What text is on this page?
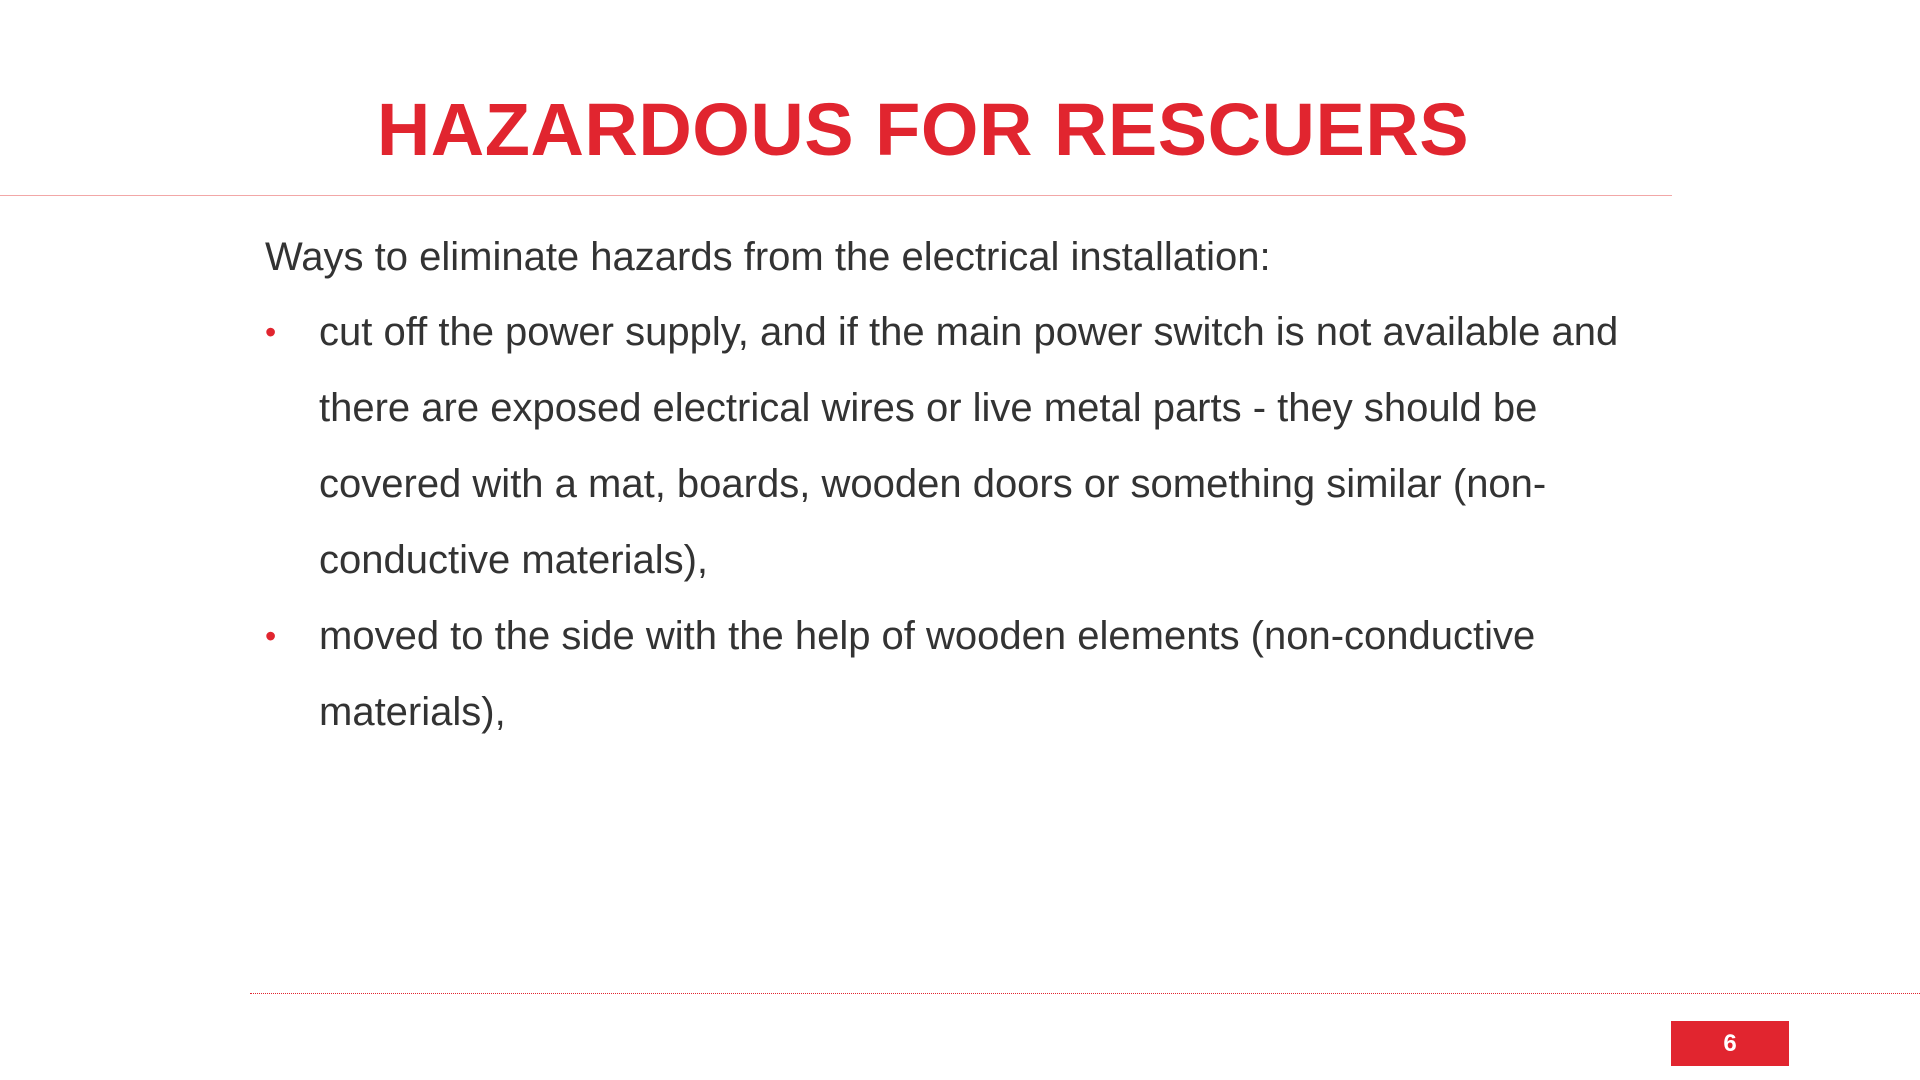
HAZARDOUS FOR RESCUERS

Ways to eliminate hazards from the electrical installation:

• cut off the power supply, and if the main power switch is not available and there are exposed electrical wires or live metal parts - they should be covered with a mat, boards, wooden doors or something similar (non-conductive materials),
• moved to the side with the help of wooden elements (non-conductive materials),
6
